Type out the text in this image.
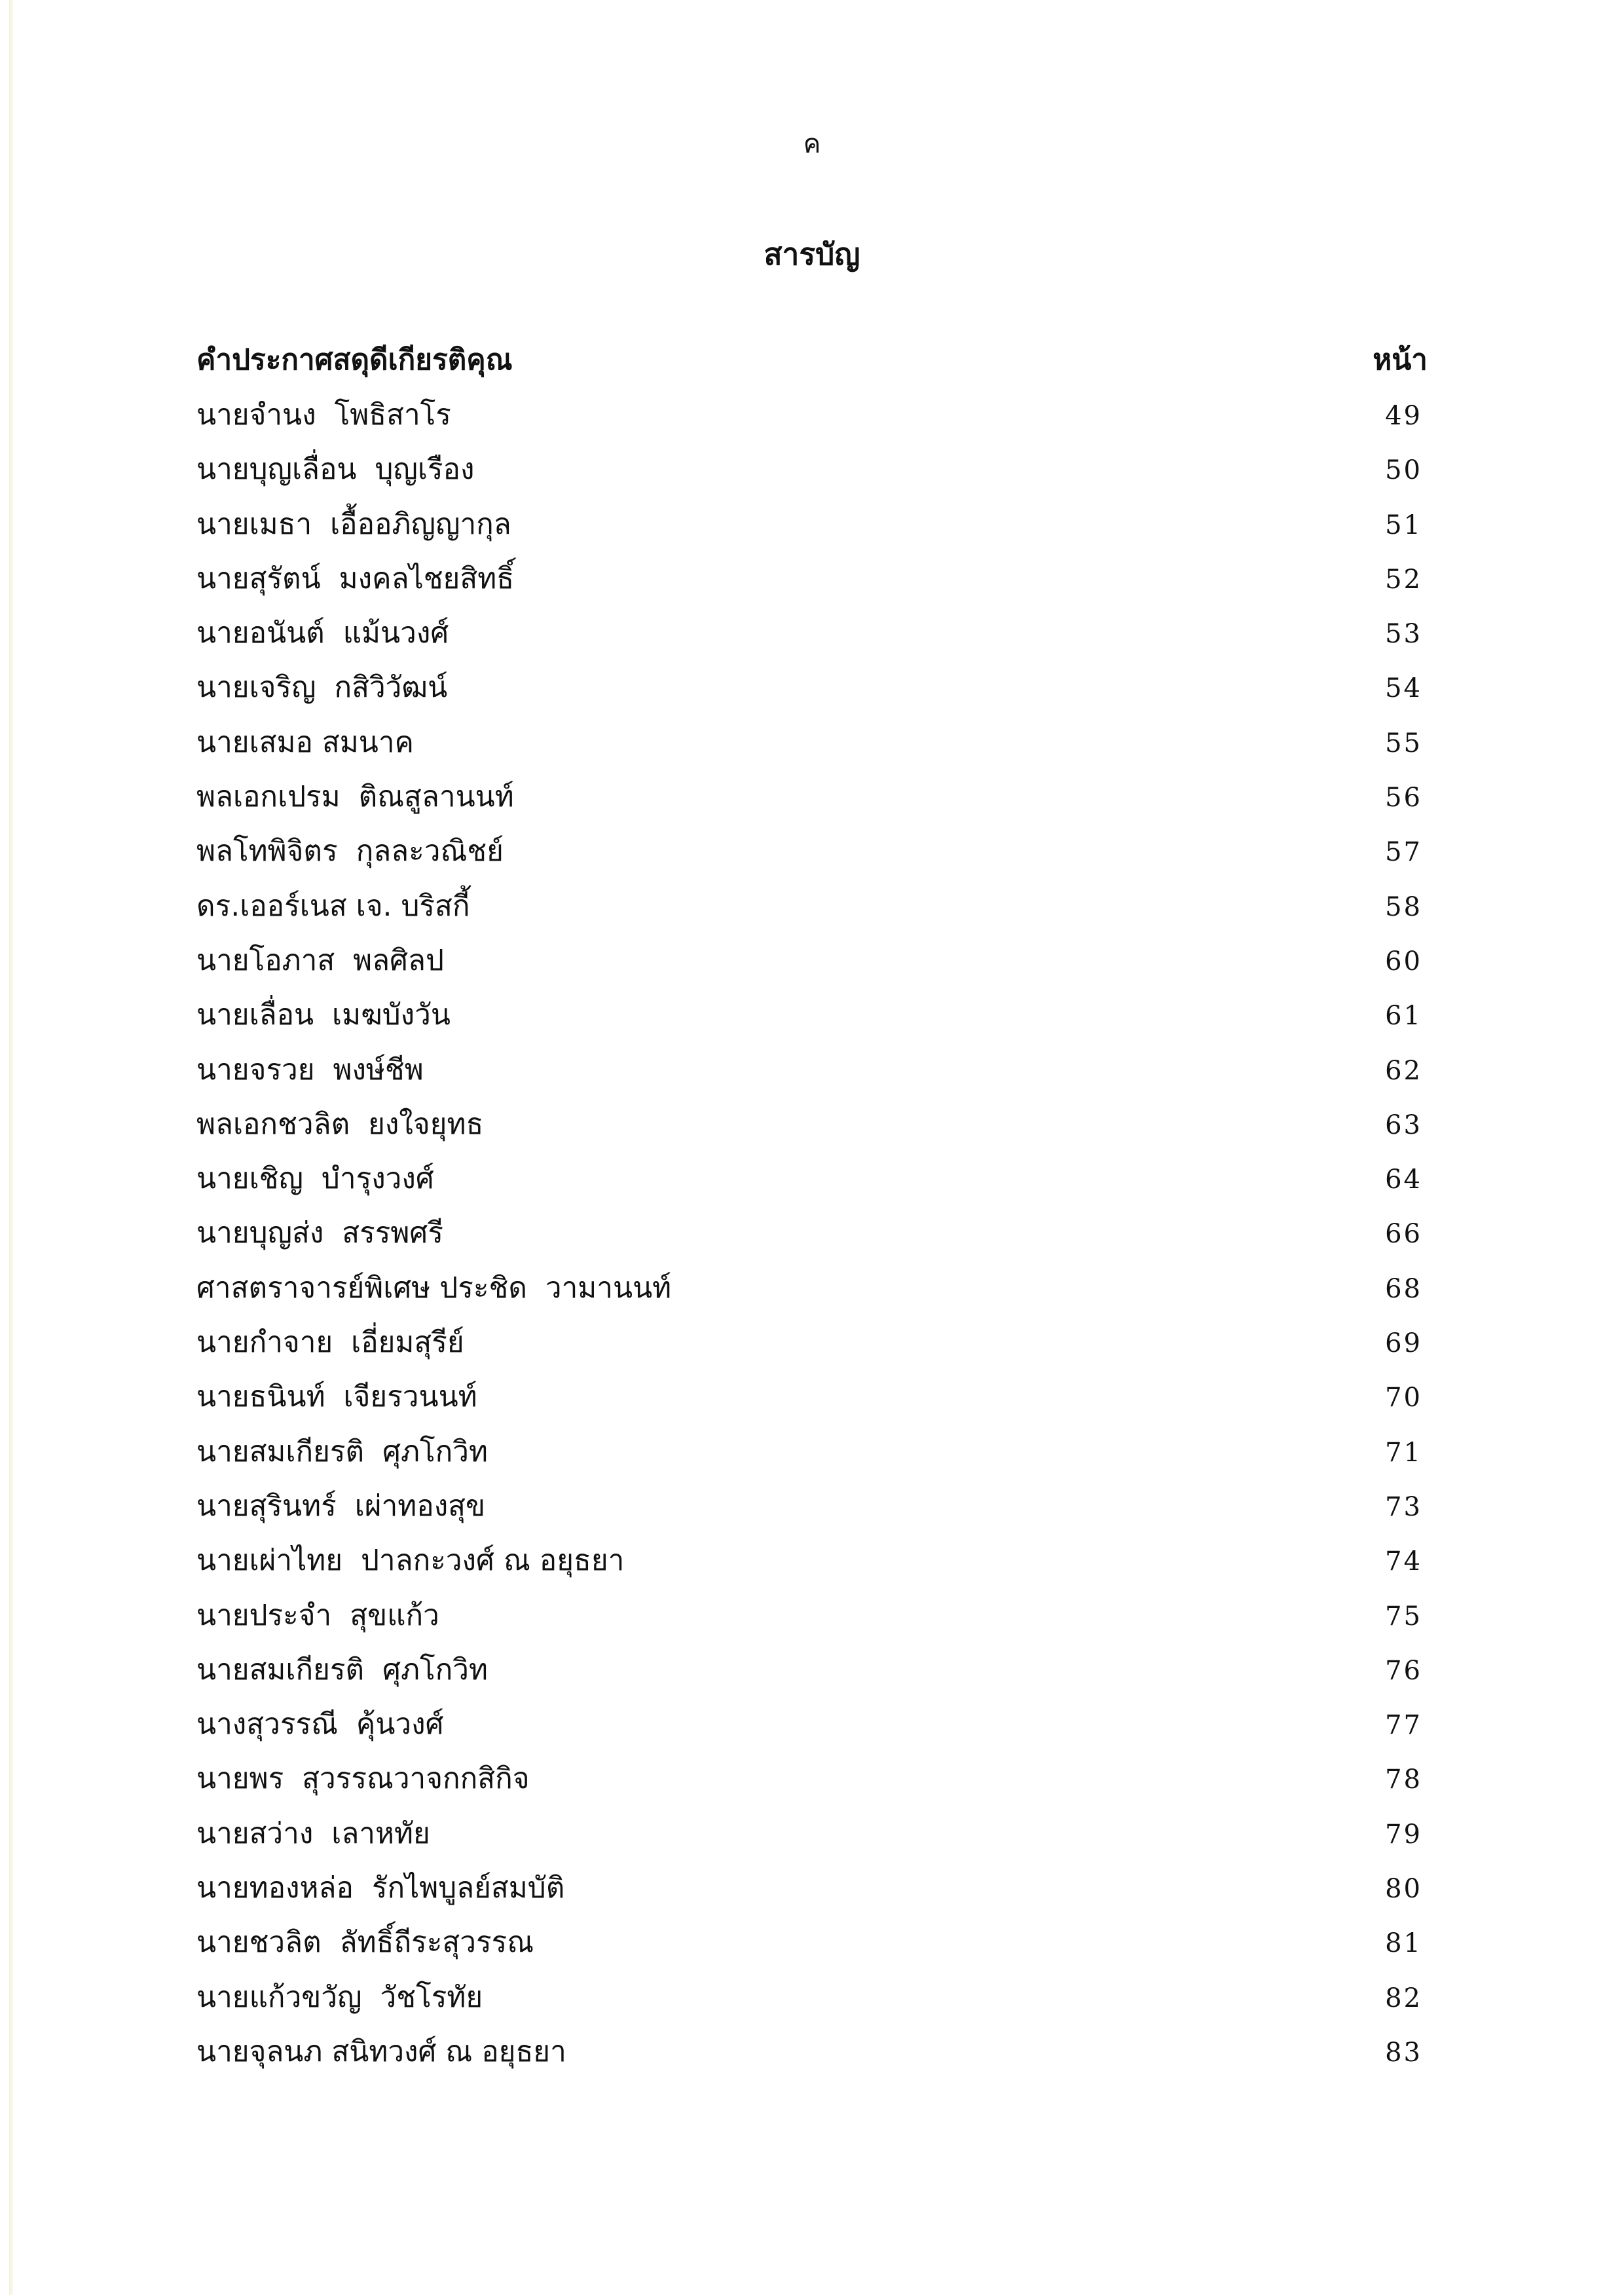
ค
สารบัญ
คำประกาศสดุดีเกียรติคุณ	หน้า
นายจำนง  โพธิสาโร	49
นายบุญเลื่อน  บุญเรือง	50
นายเมธา  เอื้ออภิญญากุล	51
นายสุรัตน์  มงคลไชยสิทธิ์	52
นายอนันต์  แม้นวงศ์	53
นายเจริญ  กสิวิวัฒน์	54
นายเสมอ สมนาค	55
พลเอกเปรม  ติณสูลานนท์	56
พลโทพิจิตร  กุลละวณิชย์	57
ดร.เออร์เนส เจ. บริสกี้	58
นายโอภาส  พลศิลป	60
นายเลื่อน  เมฆบังวัน	61
นายจรวย  พงษ์ชีพ	62
พลเอกชวลิต  ยงใจยุทธ	63
นายเชิญ  บำรุงวงศ์	64
นายบุญส่ง  สรรพศรี	66
ศาสตราจารย์พิเศษ ประชิด  วามานนท์	68
นายกำจาย  เอี่ยมสุรีย์	69
นายธนินท์  เจียรวนนท์	70
นายสมเกียรติ  ศุภโกวิท	71
นายสุรินทร์  เผ่าทองสุข	73
นายเผ่าไทย  ปาลกะวงศ์ ณ อยุธยา	74
นายประจำ  สุขแก้ว	75
นายสมเกียรติ  ศุภโกวิท	76
นางสุวรรณี  คุ้นวงศ์	77
นายพร  สุวรรณวาจกกสิกิจ	78
นายสว่าง  เลาหทัย	79
นายทองหล่อ  รักไพบูลย์สมบัติ	80
นายชวลิต  ลัทธิ์ถีระสุวรรณ	81
นายแก้วขวัญ  วัชโรทัย	82
นายจุลนภ สนิทวงศ์ ณ อยุธยา	83
